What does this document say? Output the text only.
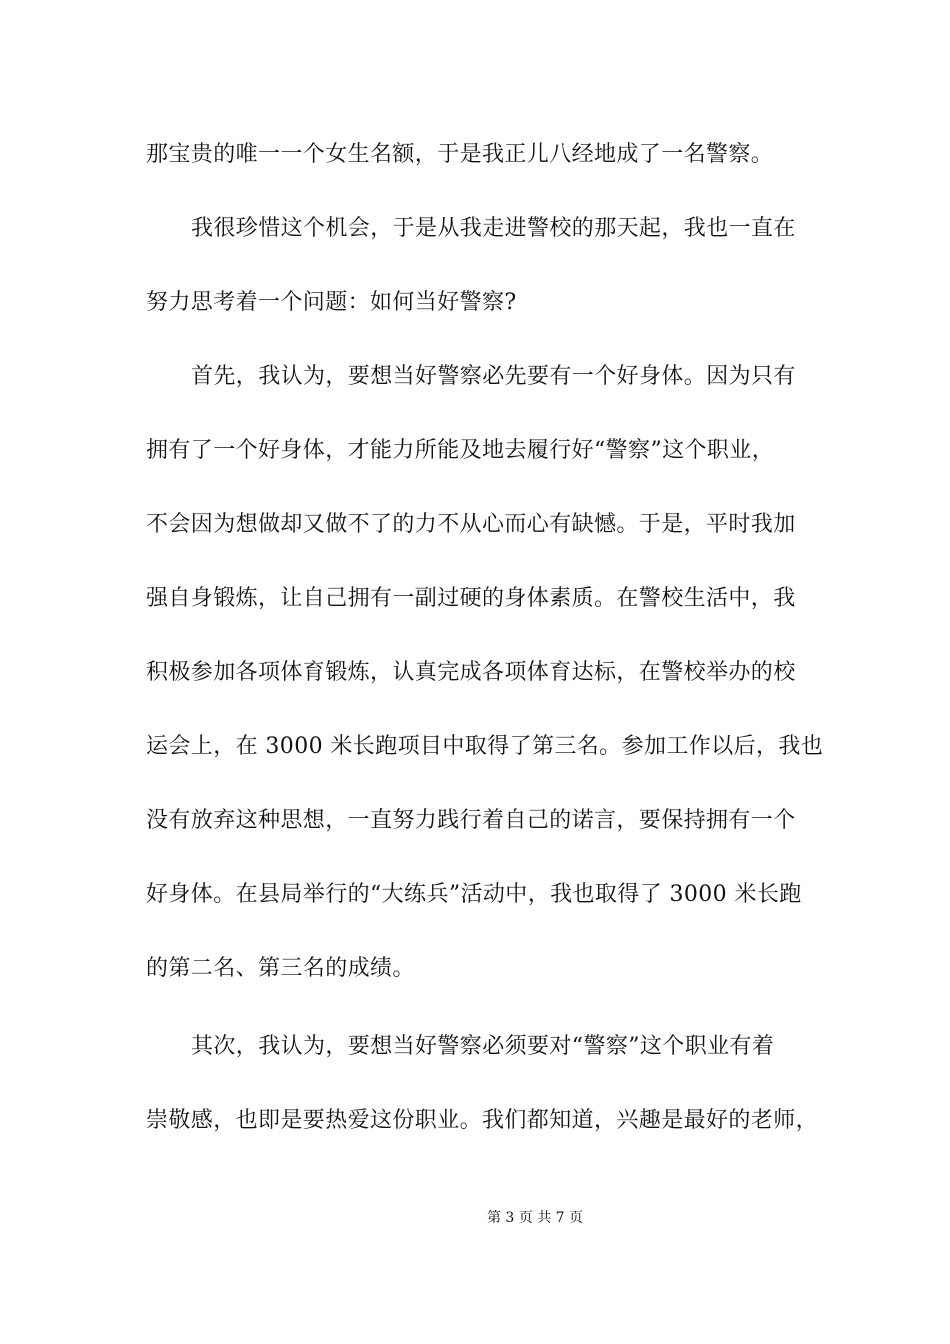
那宝贵的唯一一个女生名额，于是我正儿八经地成了一名警察。
我很珍惜这个机会，于是从我走进警校的那天起，我也一直在
努力思考着一个问题：如何当好警察?
首先，我认为，要想当好警察必先要有一个好身体。因为只有
拥有了一个好身体，才能力所能及地去履行好“警察”这个职业，
不会因为想做却又做不了的力不从心而心有缺憾。于是，平时我加
强自身锻炼，让自己拥有一副过硬的身体素质。在警校生活中，我
积极参加各项体育锻炼，认真完成各项体育达标，在警校举办的校
运会上，在 3000 米长跑项目中取得了第三名。参加工作以后，我也
没有放弃这种思想，一直努力践行着自己的诺言，要保持拥有一个
好身体。在县局举行的“大练兵”活动中，我也取得了 3000 米长跑
的第二名、第三名的成绩。
其次，我认为，要想当好警察必须要对“警察”这个职业有着
崇敬感，也即是要热爱这份职业。我们都知道，兴趣是最好的老师，
第 3 页 共 7 页
